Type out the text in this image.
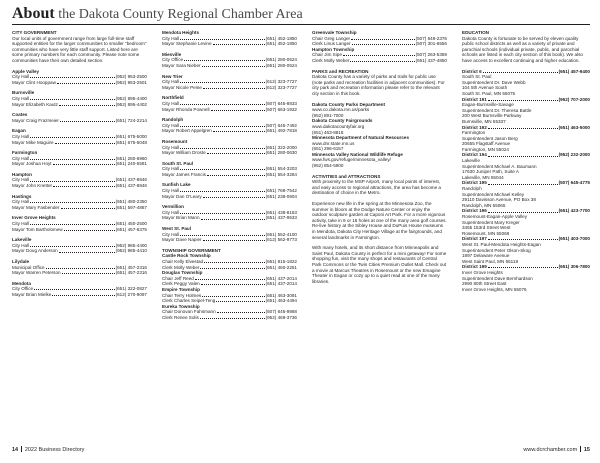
About the Dakota County Regional Chamber Area
CITY GOVERNMENT
Our local units of government range from large full-time staff supported entities for the larger communities to smaller "bedroom" communities who have very little staff support. Listed here are some primary numbers for each community. Please note some communities have their own detailed section.
Apple Valley
City Hall	(952) 953-2500
Mayor Clint Hooppaw	(952) 953-2501
Burnsville
City Hall	(952) 895-4400
Mayor Elizabeth Kautz	(952) 895-4402
Coates
Mayor Craig Frazmeier	(651) 724-2214
Eagan
City Hall	(651) 675-5000
Mayor Mike Maguire	(651) 675-5048
Farmington
City Hall	(651) 280-6960
Mayor Joshua Hoyt	(651) 240-5581
Hampton
City Hall	(651) 437-8846
Mayor John Knetter	(651) 437-8846
Hastings
City Hall	(651) 480-2350
Mayor Mary Fasbender	(651) 597-4867
Inver Grove Heights
City Hall	(651) 450-2500
Mayor Tom Bartholomew	(651) 457-6375
Lakeville
City Hall	(952) 985-4400
Mayor Doug Anderson	(952) 985-4410
Lilydale
Municipal Office	(651) 457-2316
Mayor Warren Peterson	(651) 457-2316
Mendota
City Office	(651) 322-0827
Mayor Brian Mielke	(612) 270-9097
Mendota Heights
City Hall	(651) 452-1850
Mayor Stephanie Levine	(651) 452-1850
Miesville
City Office	(651) 280-0524
Mayor Sara Nieber	(651) 280-0524
New Trier
City Hall	(612) 323-7727
Mayor Nicole Peine	(612) 323-7727
Northfield
City Hall	(507) 645-8833
Mayor Rhonda Pownell	(507) 663-1932
Randolph
City Hall	(507) 645-7492
Mayor Robert Appelgren	(651) 492-7818
Rosemount
City Hall	(651) 322-2000
Mayor William Droste	(651) 280-0630
South St. Paul
City Hall	(651) 554-3203
Mayor James Francis	(651) 554-3284
Sunfish Lake
City Hall	(651) 768-7542
Mayor Dan O'Leary	(651) 238-0904
Vermillion
City Hall	(651) 438-8163
Mayor Brian Mann	(651) 437-9533
West St. Paul
City Hall	(651) 552-4100
Mayor Dave Napier	(612) 562-9773
TOWNSHIP GOVERNMENT
Castle Rock Township
Chair Kelly Elvestad	(651) 815-1822
Clerk Molly Weber	(651) 460-2251
Douglas Township
Chair Jeff Reed	(651) 437-2014
Clerk Peggy Valen	(651) 437-2014
Empire Township
Chair Terry Holmes	(651) 463-3091
Clerk Charles Seipel-Teng	(651) 463-4494
Eureka Township
Chair Donovan Fahsmann	(507) 645-9868
Clerk Renee Solis	(952) 469-3736
Greenvale Township
Chair Greg Langer	(507) 649-2376
Clerk Linus Langer	(507) 301-6556
Hampton Township
Chair Jim Sipe	(507) 263-5369
Clerk Molly Weber	(651) 437-4850
PARKS and RECREATION
Dakota County has a variety of parks and trails for public use (note parks and recreation facilities in adjacent communities). For city park and recreation information please refer to the relevant city section in this book.
Dakota County Parks Department
www.co.dakota.mn.us/parks
(952) 891-7000
Dakota County Fairgrounds
www.dakotacountyfair.org
(651) 463-8818
Minnesota Department of Natural Resources
www.dnr.state.mn.us
(651) 296-6157
Minnesota Valley National Wildlife Refuge
www.fws.gov/refuge/minnesota_valley/
(952) 854-5900
ACTIVITIES and ATTRACTIONS
With proximity to the MSP Airport, many local points of interest, and easy access to regional attractions, the area has become a destination of choice in the Metro.
Experience new life in the spring at the Minnesota Zoo, the summer in bloom at the Dodge Nature Center or enjoy the outdoor sculpture garden at Caponi Art Park. For a more vigorous activity, take in 9 or 18 holes at one of the many area golf courses. Re-live history at the Sibley House and DuPuis House museums in Mendota, Dakota City Heritage Village at the fairgrounds, and several landmarks in Farmington.
With many hotels, and its short distance from Minneapolis and Saint Paul, Dakota County is perfect for a mini getaway! For some shopping fun, visit the many shops and restaurants of Central Park Commons or the Twin Cities Premium Outlet Mall. Check out a movie at Marcus Theatres in Rosemount or the new Emagine Theater in Eagan or cozy up to a quiet read at one of the many libraries.
EDUCATION
Dakota County is fortunate to be served by eleven quality public school districts as well as a variety of private and parochial schools (individual private, public, and parochial schools are listed in each city section of this book). We also have access to excellent continuing and higher education.
District 6	(651) 457-9400
South St. Paul
Superintendent Dr. Dave Webb
104 5th Avenue South
South St. Paul, MN 55075
District 191	(952) 707-2000
Eagan-Burnsville-Savage
Superintendent Dr. Theresa Battle
200 West Burnsville Parkway
Burnsville, MN 55337
District 192	(651) 463-5000
Farmington
Superintendent Jason Berg
20655 Flagstaff Avenue
Farmington, MN 55024
District 194	(952) 232-2000
Lakeville
Superintendent Michael A. Baumann
17630 Juniper Path, Suite A
Lakeville, MN 55044
District 195	(507) 645-4775
Randolph
Superintendent Michael Kelley
29110 Davisson Avenue, PO Box 38
Randolph, MN 55065
District 196	(651) 423-7700
Rosemount-Eagan-Apple Valley
Superintendent Mary Kreger
3455 153rd Street West
Rosemount, MN 55068
District 197	(651) 403-7000
West St. Paul-Mendota Heights-Eagan
Superintendent Peter Olson-Skog
1897 Delaware Avenue
West Saint Paul, MN 55118
District 199	(651) 306-7800
Inver Grove Heights
Superintendent Dave Bernhardson
2990 80th Street East
Inver Grove Heights, MN 55076
14 2022 Business Directory	www.dcrchamber.com 15
